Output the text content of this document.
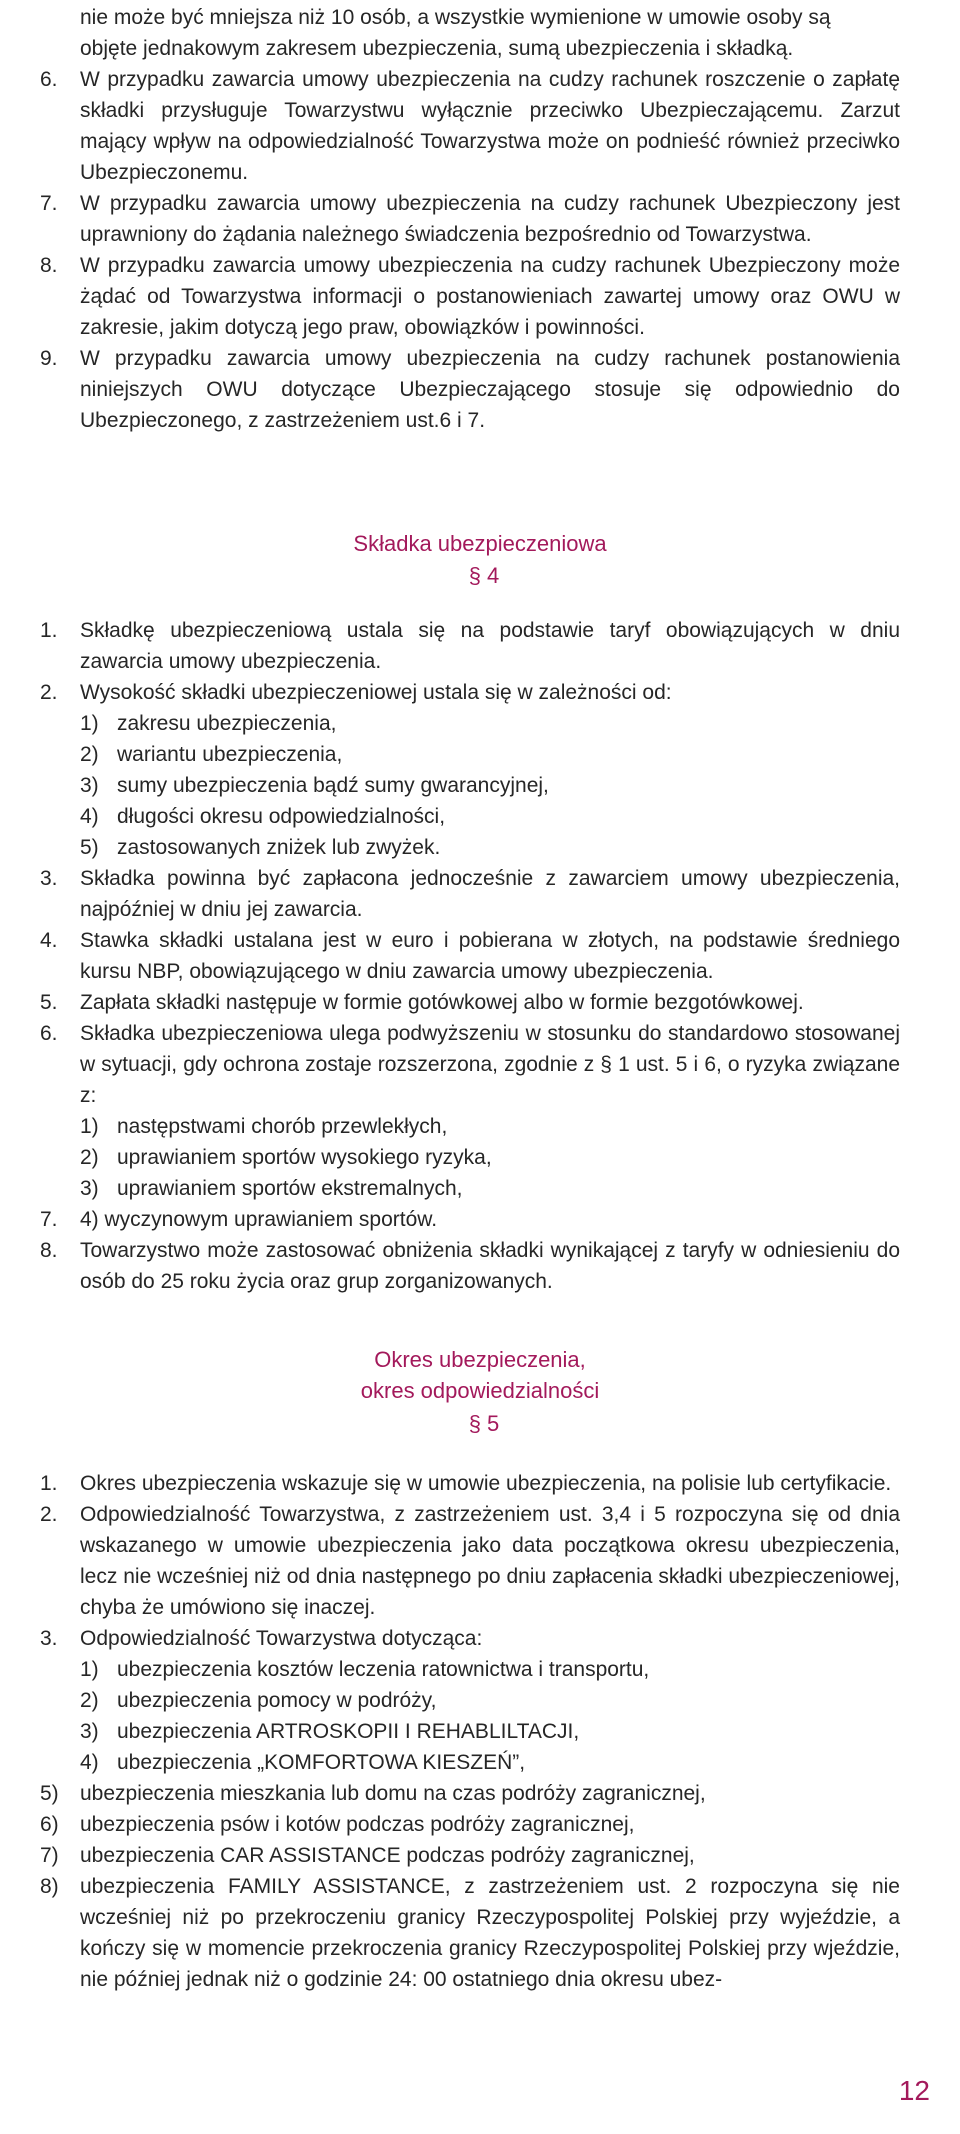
nie może być mniejsza niż 10 osób, a wszystkie wymienione w umowie osoby są
objęte jednakowym zakresem ubezpieczenia, sumą ubezpieczenia i składką.
6. W przypadku zawarcia umowy ubezpieczenia na cudzy rachunek roszczenie o zapłatę składki przysługuje Towarzystwu wyłącznie przeciwko Ubezpieczającemu. Zarzut mający wpływ na odpowiedzialność Towarzystwa może on podnieść również przeciwko Ubezpieczonemu.
7. W przypadku zawarcia umowy ubezpieczenia na cudzy rachunek Ubezpieczony jest uprawniony do żądania należnego świadczenia bezpośrednio od Towarzystwa.
8. W przypadku zawarcia umowy ubezpieczenia na cudzy rachunek Ubezpieczony może żądać od Towarzystwa informacji o postanowieniach zawartej umowy oraz OWU w zakresie, jakim dotyczą jego praw, obowiązków i powinności.
9. W przypadku zawarcia umowy ubezpieczenia na cudzy rachunek postanowienia niniejszych OWU dotyczące Ubezpieczającego stosuje się odpowiednio do Ubezpieczonego, z zastrzeżeniem ust.6 i 7.
Składka ubezpieczeniowa
§ 4
1. Składkę ubezpieczeniową ustala się na podstawie taryf obowiązujących w dniu zawarcia umowy ubezpieczenia.
2. Wysokość składki ubezpieczeniowej ustala się w zależności od:
1) zakresu ubezpieczenia,
2) wariantu ubezpieczenia,
3) sumy ubezpieczenia bądź sumy gwarancyjnej,
4) długości okresu odpowiedzialności,
5) zastosowanych zniżek lub zwyżek.
3. Składka powinna być zapłacona jednocześnie z zawarciem umowy ubezpieczenia, najpóźniej w dniu jej zawarcia.
4. Stawka składki ustalana jest w euro i pobierana w złotych, na podstawie średniego kursu NBP, obowiązującego w dniu zawarcia umowy ubezpieczenia.
5. Zapłata składki następuje w formie gotówkowej albo w formie bezgotówkowej.
6. Składka ubezpieczeniowa ulega podwyższeniu w stosunku do standardowo stosowanej w sytuacji, gdy ochrona zostaje rozszerzona, zgodnie z § 1 ust. 5 i 6, o ryzyka związane z:
1) następstwami chorób przewlekłych,
2) uprawianiem sportów wysokiego ryzyka,
3) uprawianiem sportów ekstremalnych,
7. 4) wyczynowym uprawianiem sportów.
8. Towarzystwo może zastosować obniżenia składki wynikającej z taryfy w odniesieniu do osób do 25 roku życia oraz grup zorganizowanych.
Okres ubezpieczenia,
okres odpowiedzialności
§ 5
1. Okres ubezpieczenia wskazuje się w umowie ubezpieczenia, na polisie lub certyfikacie.
2. Odpowiedzialność Towarzystwa, z zastrzeżeniem ust. 3,4 i 5 rozpoczyna się od dnia wskazanego w umowie ubezpieczenia jako data początkowa okresu ubezpieczenia, lecz nie wcześniej niż od dnia następnego po dniu zapłacenia składki ubezpieczeniowej, chyba że umówiono się inaczej.
3. Odpowiedzialność Towarzystwa dotycząca:
1) ubezpieczenia kosztów leczenia ratownictwa i transportu,
2) ubezpieczenia pomocy w podróży,
3) ubezpieczenia ARTROSKOPII I REHABLILTACJI,
4) ubezpieczenia „KOMFORTOWA KIESZEŃ”,
5) ubezpieczenia mieszkania lub domu na czas podróży zagranicznej,
6) ubezpieczenia psów i kotów podczas podróży zagranicznej,
7) ubezpieczenia CAR ASSISTANCE podczas podróży zagranicznej,
8) ubezpieczenia FAMILY ASSISTANCE, z zastrzeżeniem ust. 2 rozpoczyna się nie wcześniej niż po przekroczeniu granicy Rzeczypospolitej Polskiej przy wyjeździe, a kończy się w momencie przekroczenia granicy Rzeczypospolitej Polskiej przy wjeździe, nie później jednak niż o godzinie 24: 00 ostatniego dnia okresu ubez-
12
